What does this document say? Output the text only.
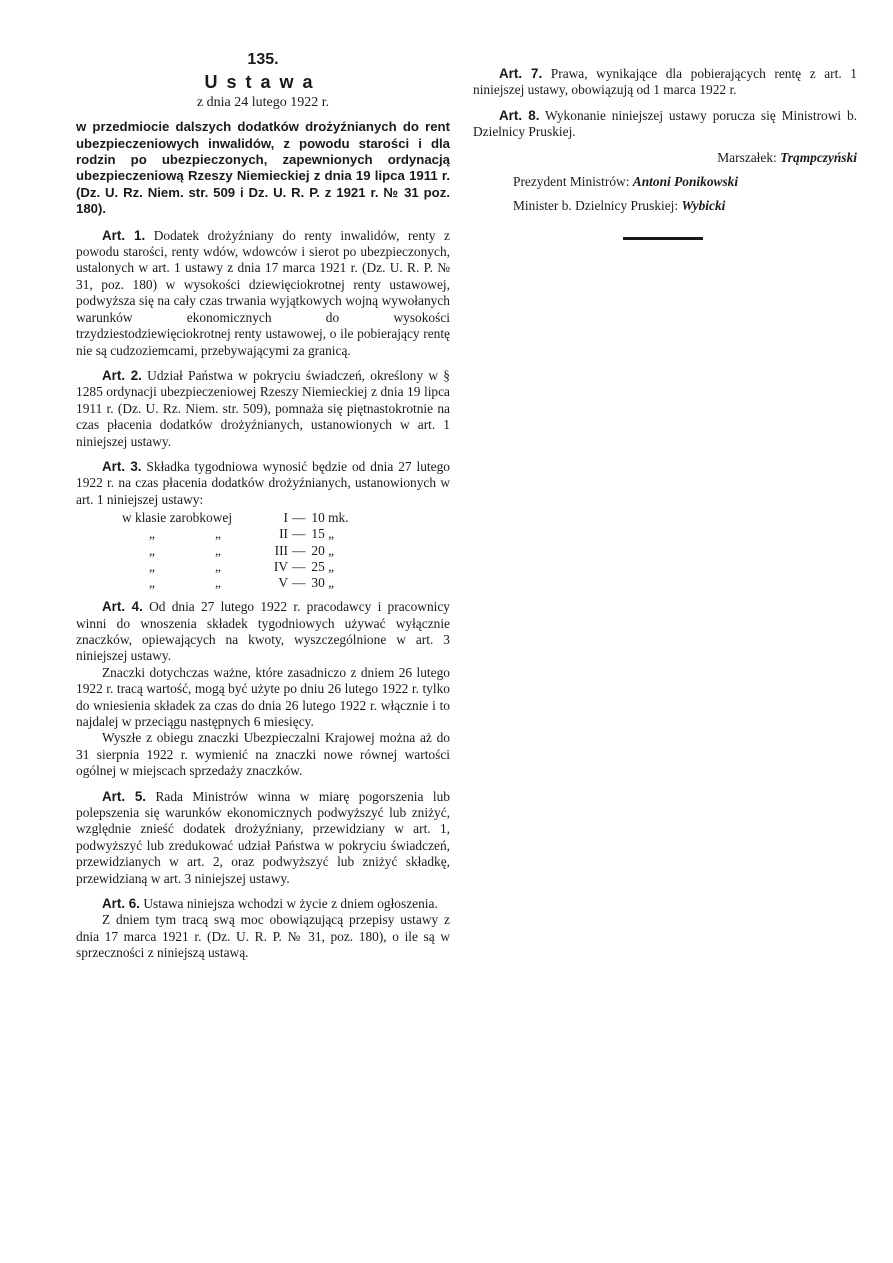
135.
Ustawa
z dnia 24 lutego 1922 r.
w przedmiocie dalszych dodatków drożyźnianych do rent ubezpieczeniowych inwalidów, z powodu starości i dla rodzin po ubezpieczonych, zapewnionych ordynacją ubezpieczeniową Rzeszy Niemieckiej z dnia 19 lipca 1911 r. (Dz. U. Rz. Niem. str. 509 i Dz. U. R. P. z 1921 r. № 31 poz. 180).

Art. 1. Dodatek drożyźniany do renty inwalidów, renty z powodu starości, renty wdów, wdowców i sierot po ubezpieczonych, ustalonych w art. 1 ustawy z dnia 17 marca 1921 r. (Dz. U. R. P. № 31, poz. 180) w wysokości dziewięciokrotnej renty ustawowej, podwyższa się na cały czas trwania wyjątkowych wojną wywołanych warunków ekonomicznych do wysokości trzydziestodziewięciokrotnej renty ustawowej, o ile pobierający rentę nie są cudzoziemcami, przebywającymi za granicą.

Art. 2. Udział Państwa w pokryciu świadczeń, określony w § 1285 ordynacji ubezpieczeniowej Rzeszy Niemieckiej z dnia 19 lipca 1911 r. (Dz. U. Rz. Niem. str. 509), pomnaża się piętnastokrotnie na czas płacenia dodatków drożyźnianych, ustanowionych w art. 1 niniejszej ustawy.

Art. 3. Składka tygodniowa wynosić będzie od dnia 27 lutego 1922 r. na czas płacenia dodatków drożyźnianych, ustanowionych w art. 1 niniejszej ustawy:

w klasie zarobkowej		I	—	10 mk.
„	„	II	—	15 „
„	„	III	—	20 „
„	„	IV	—	25 „
„	„	V	—	30 „

Art. 4. Od dnia 27 lutego 1922 r. pracodawcy i pracownicy winni do wnoszenia składek tygodniowych używać wyłącznie znaczków, opiewających na kwoty, wyszczególnione w art. 3 niniejszej ustawy.

Znaczki dotychczas ważne, które zasadniczo z dniem 26 lutego 1922 r. tracą wartość, mogą być użyte po dniu 26 lutego 1922 r. tylko do wniesienia składek za czas do dnia 26 lutego 1922 r. włącznie i to najdalej w przeciągu następnych 6 miesięcy.

Wyszłe z obiegu znaczki Ubezpieczalni Krajowej można aż do 31 sierpnia 1922 r. wymienić na znaczki nowe równej wartości ogólnej w miejscach sprzedaży znaczków.

Art. 5. Rada Ministrów winna w miarę pogorszenia lub polepszenia się warunków ekonomicznych podwyższyć lub zniżyć, względnie znieść dodatek drożyźniany, przewidziany w art. 1, podwyższyć lub zredukować udział Państwa w pokryciu świadczeń, przewidzianych w art. 2, oraz podwyższyć lub zniżyć składkę, przewidzianą w art. 3 niniejszej ustawy.

Art. 6. Ustawa niniejsza wchodzi w życie z dniem ogłoszenia.

Z dniem tym tracą swą moc obowiązującą przepisy ustawy z dnia 17 marca 1921 r. (Dz. U. R. P. № 31, poz. 180), o ile są w sprzeczności z niniejszą ustawą.

Art. 7. Prawa, wynikające dla pobierających rentę z art. 1 niniejszej ustawy, obowiązują od 1 marca 1922 r.

Art. 8. Wykonanie niniejszej ustawy porucza się Ministrowi b. Dzielnicy Pruskiej.

Marszałek: Trąmpczyński
Prezydent Ministrów: Antoni Ponikowski
Minister b. Dzielnicy Pruskiej: Wybicki
